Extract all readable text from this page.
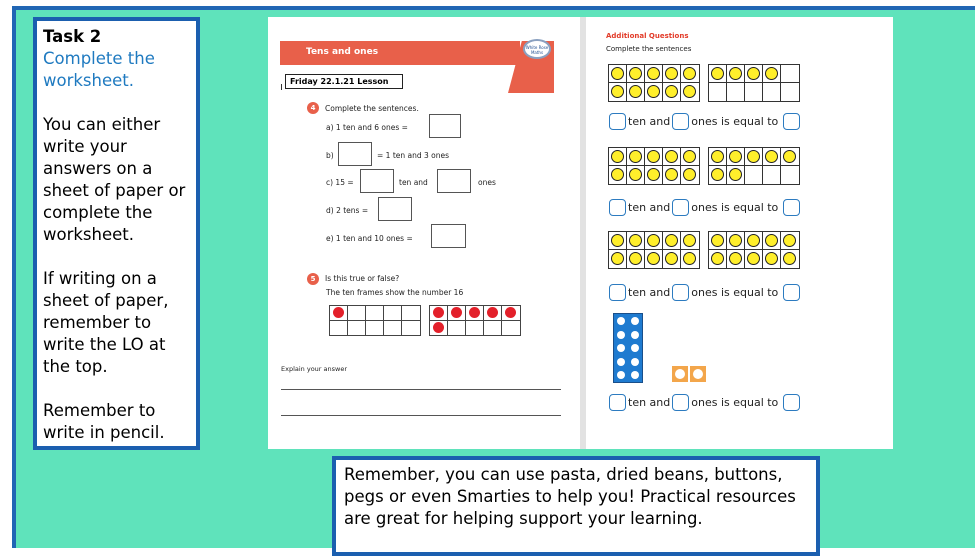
Task 2

Complete the worksheet.

You can either write your answers on a sheet of paper or complete the worksheet.

If writing on a sheet of paper, remember to write the LO at the top.

Remember to write in pencil.

Tens and ones	White Rose Maths
Friday 22.1.21 Lesson
4	Complete the sentences.
a) 1 ten and 6 ones =
b)	= 1 ten and 3 ones
c) 15 =	ten and	ones
d) 2 tens =
e) 1 ten and 10 ones =
5	Is this true or false?
The ten frames show the number 16
Explain your answer
Additional Questions
Complete the sentences
ten and ones is equal to
ten and ones is equal to
ten and ones is equal to
ten and ones is equal to
Remember, you can use pasta, dried beans, buttons, pegs or even Smarties to help you! Practical resources are great for helping support your learning.
